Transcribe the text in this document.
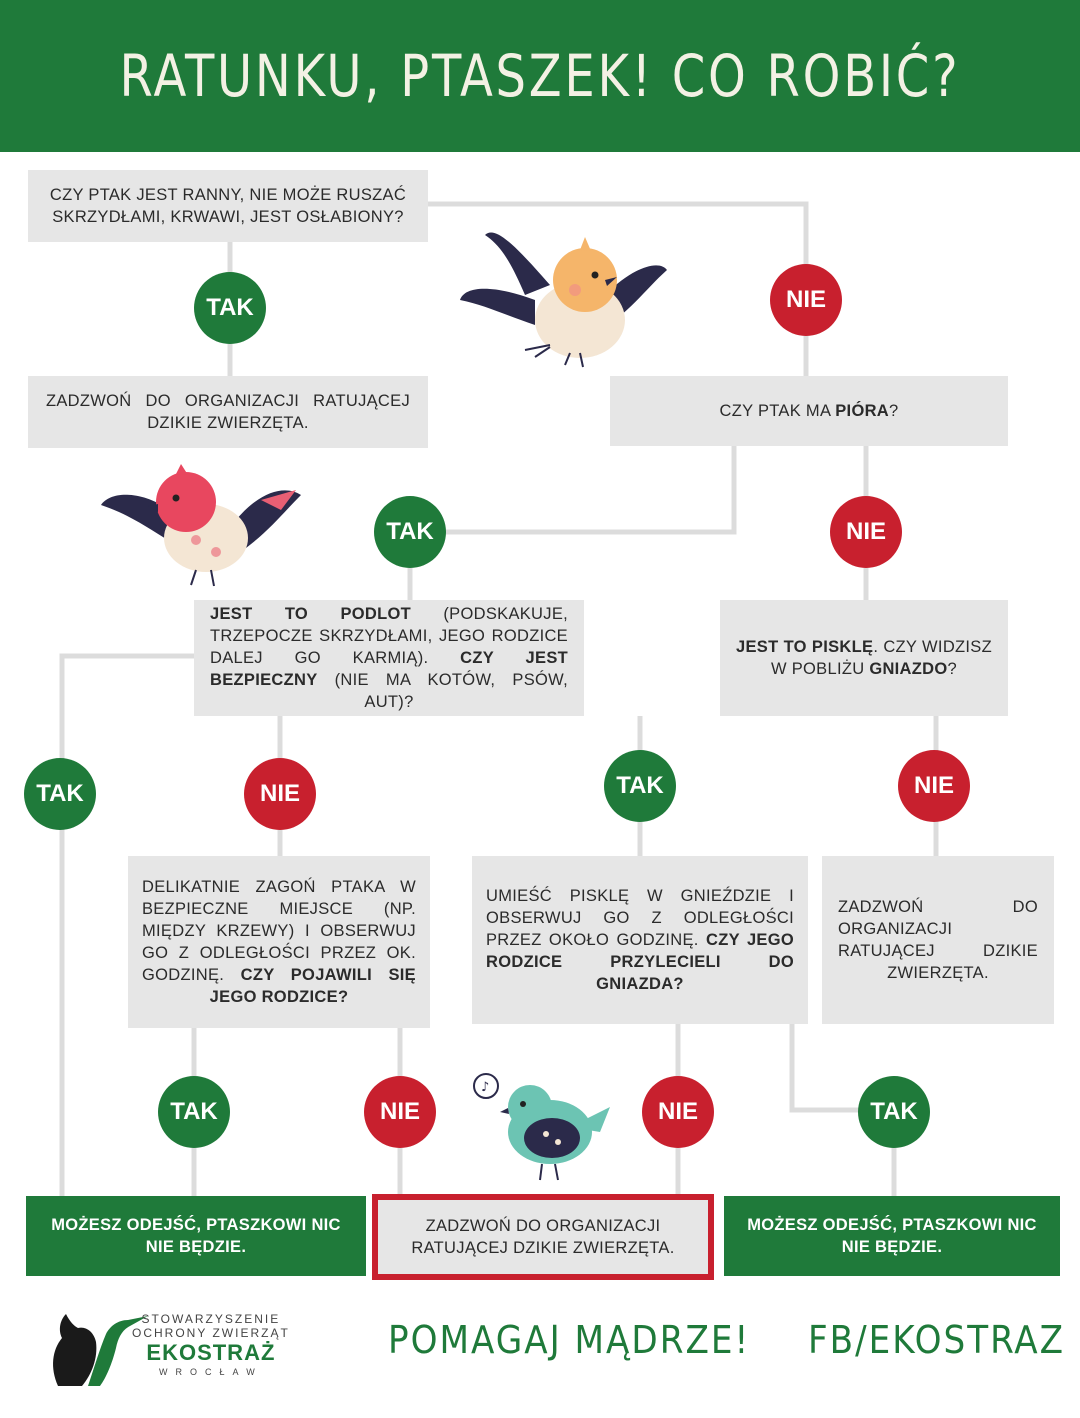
RATUNKU, PTASZEK! CO ROBIĆ?
CZY PTAK JEST RANNY, NIE MOŻE RUSZAĆ SKRZYDŁAMI, KRWAWI, JEST OSŁABIONY?
ZADZWOŃ DO ORGANIZACJI RATUJĄCEJ DZIKIE ZWIERZĘTA.
CZY PTAK MA PIÓRA?
JEST TO PODLOT (PODSKAKUJE, TRZEPOCZE SKRZYDŁAMI, JEGO RODZICE DALEJ GO KARMIĄ). CZY JEST BEZPIECZNY (NIE MA KOTÓW, PSÓW, AUT)?
JEST TO PISKLĘ. CZY WIDZISZ W POBLIŻU GNIAZDO?
DELIKATNIE ZAGOŃ PTAKA W BEZPIECZNE MIEJSCE (NP. MIĘDZY KRZEWY) I OBSERWUJ GO Z ODLEGŁOŚCI PRZEZ OK. GODZINĘ. CZY POJAWILI SIĘ JEGO RODZICE?
UMIEŚĆ PISKLĘ W GNIEŹDZIE I OBSERWUJ GO Z ODLEGŁOŚCI PRZEZ OKOŁO GODZINĘ. CZY JEGO RODZICE PRZYLECIELI DO GNIAZDA?
ZADZWOŃ DO ORGANIZACJI RATUJĄCEJ DZIKIE ZWIERZĘTA.
MOŻESZ ODEJŚĆ, PTASZKOWI NIC NIE BĘDZIE.
ZADZWOŃ DO ORGANIZACJI RATUJĄCEJ DZIKIE ZWIERZĘTA.
MOŻESZ ODEJŚĆ, PTASZKOWI NIC NIE BĘDZIE.
TAK	NIE
TAK	NIE
TAK	NIE	TAK	NIE
TAK	NIE	NIE	TAK
♪
STOWARZYSZENIE
OCHRONY ZWIERZĄT
EKOSTRAŻ
WROCŁAW
POMAGAJ MĄDRZE! FB/EKOSTRAZ
